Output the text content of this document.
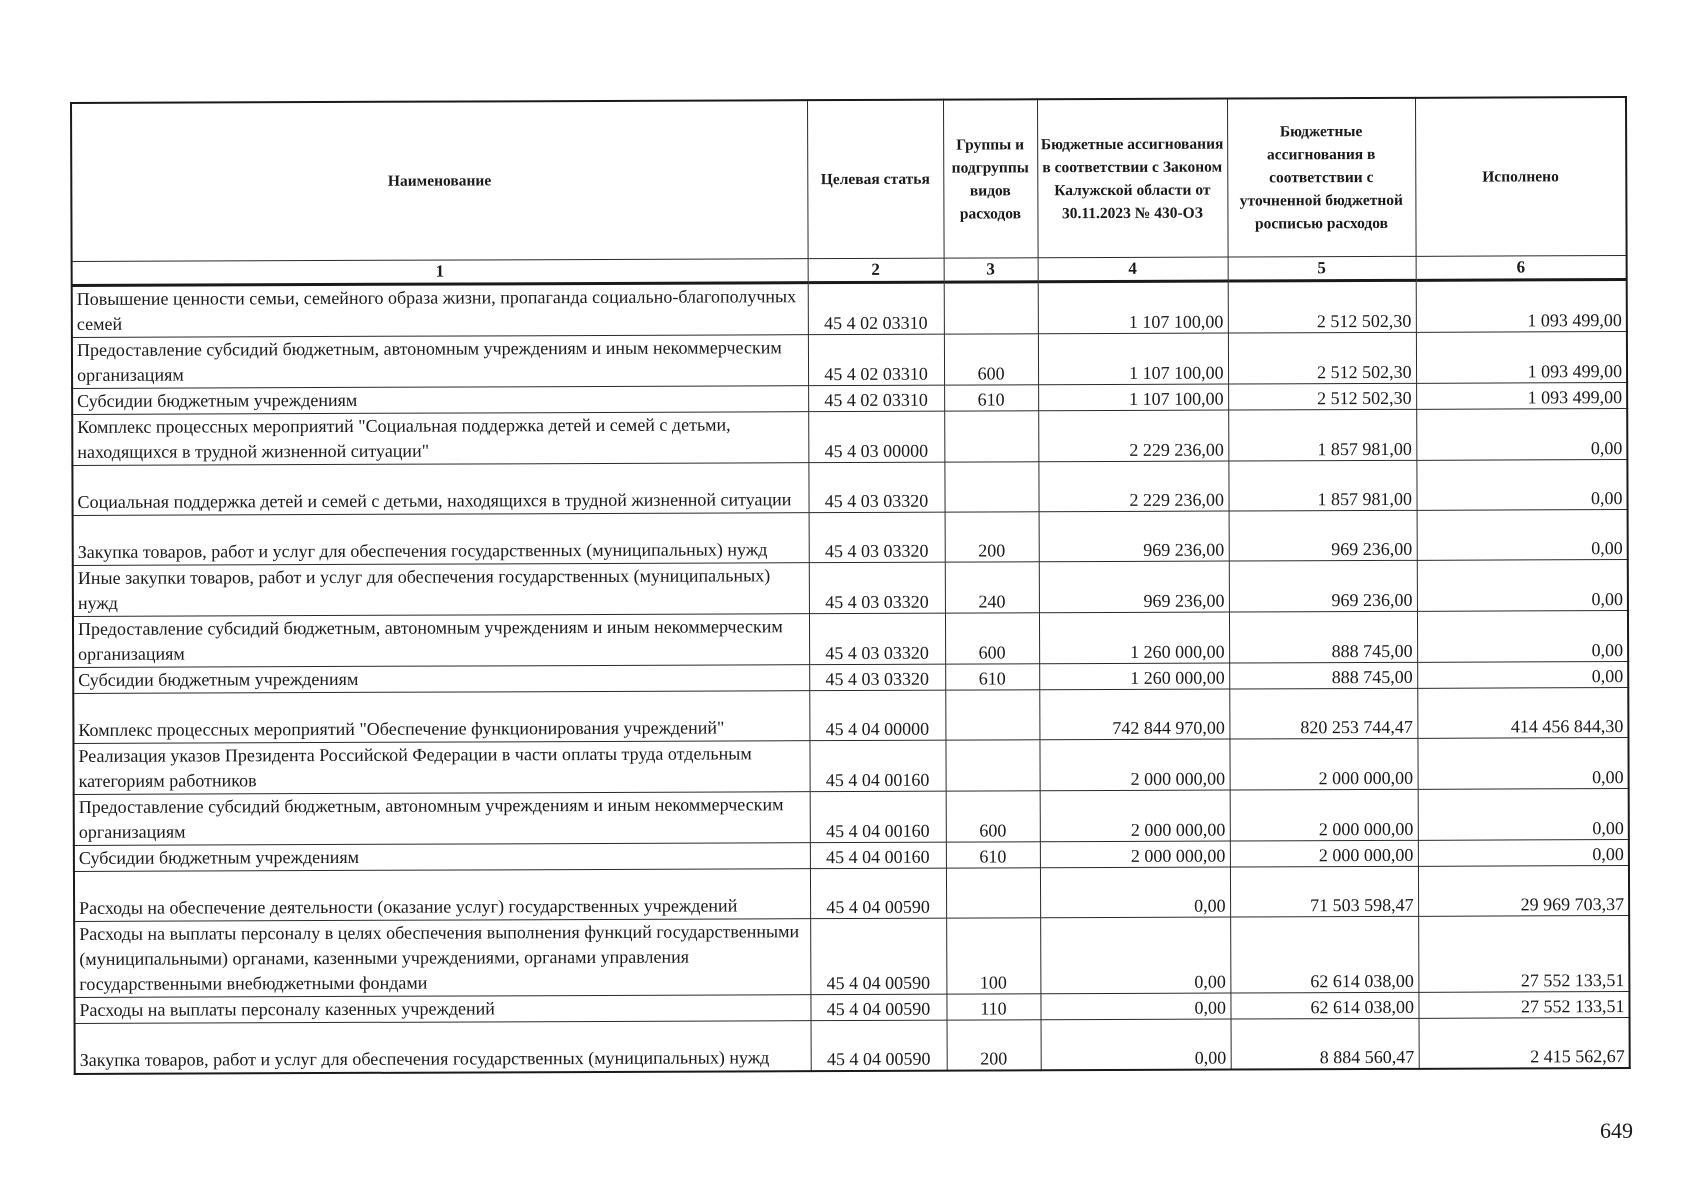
Наименование	Целевая статья	Группы и подгруппы видов расходов	Бюджетные ассигнования в соответствии с Законом Калужской области от 30.11.2023 № 430-ОЗ	Бюджетные ассигнования в соответствии с уточненной бюджетной росписью расходов	Исполнено
1	2	3	4	5	6
Повышение ценности семьи, семейного образа жизни, пропаганда социально-благополучных семей	45 4 02 03310		1 107 100,00	2 512 502,30	1 093 499,00
Предоставление субсидий бюджетным, автономным учреждениям и иным некоммерческим организациям	45 4 02 03310	600	1 107 100,00	2 512 502,30	1 093 499,00
Субсидии бюджетным учреждениям	45 4 02 03310	610	1 107 100,00	2 512 502,30	1 093 499,00
Комплекс процессных мероприятий "Социальная поддержка детей и семей с детьми, находящихся в трудной жизненной ситуации"	45 4 03 00000		2 229 236,00	1 857 981,00	0,00
Социальная поддержка детей и семей с детьми, находящихся в трудной жизненной ситуации	45 4 03 03320		2 229 236,00	1 857 981,00	0,00
Закупка товаров, работ и услуг для обеспечения государственных (муниципальных) нужд	45 4 03 03320	200	969 236,00	969 236,00	0,00
Иные закупки товаров, работ и услуг для обеспечения государственных (муниципальных) нужд	45 4 03 03320	240	969 236,00	969 236,00	0,00
Предоставление субсидий бюджетным, автономным учреждениям и иным некоммерческим организациям	45 4 03 03320	600	1 260 000,00	888 745,00	0,00
Субсидии бюджетным учреждениям	45 4 03 03320	610	1 260 000,00	888 745,00	0,00
Комплекс процессных мероприятий "Обеспечение функционирования учреждений"	45 4 04 00000		742 844 970,00	820 253 744,47	414 456 844,30
Реализация указов Президента Российской Федерации в части оплаты труда отдельным категориям работников	45 4 04 00160		2 000 000,00	2 000 000,00	0,00
Предоставление субсидий бюджетным, автономным учреждениям и иным некоммерческим организациям	45 4 04 00160	600	2 000 000,00	2 000 000,00	0,00
Субсидии бюджетным учреждениям	45 4 04 00160	610	2 000 000,00	2 000 000,00	0,00
Расходы на обеспечение деятельности (оказание услуг) государственных учреждений	45 4 04 00590		0,00	71 503 598,47	29 969 703,37
Расходы на выплаты персоналу в целях обеспечения выполнения функций государственными (муниципальными) органами, казенными учреждениями, органами управления государственными внебюджетными фондами	45 4 04 00590	100	0,00	62 614 038,00	27 552 133,51
Расходы на выплаты персоналу казенных учреждений	45 4 04 00590	110	0,00	62 614 038,00	27 552 133,51
Закупка товаров, работ и услуг для обеспечения государственных (муниципальных) нужд	45 4 04 00590	200	0,00	8 884 560,47	2 415 562,67
649
